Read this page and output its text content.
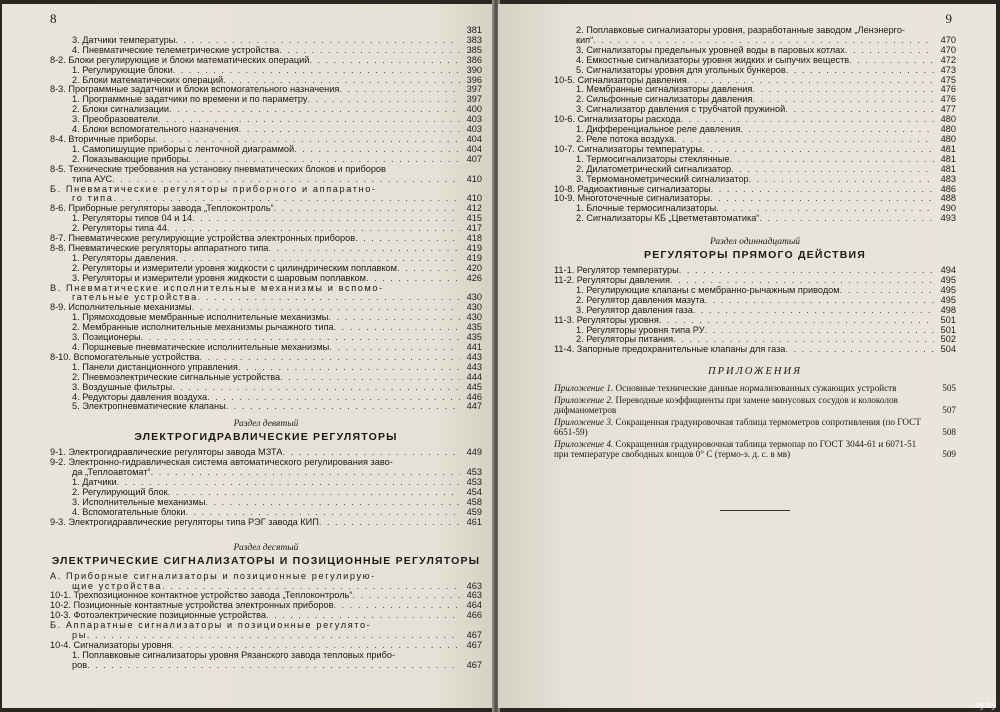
8
381
3. Датчики температуры . . .	383
4. Пневматические телеметрические устройства . . .	385
8-2. Блоки регулирующие и блоки математических операций . . .	386
1. Регулирующие блоки . . .	390
2. Блоки математических операций . . .	396
8-3. Программные задатчики и блоки вспомогательного назначения . . .	397
1. Программные задатчики по времени и по параметру . . .	397
2. Блоки сигнализации . . .	400
3. Преобразователи . . .	403
4. Блоки вспомогательного назначения . . .	403
8-4. Вторичные приборы . . .	404
1. Самопишущие приборы с ленточной диаграммой . . .	404
2. Показывающие приборы . . .	407
8-5. Технические требования на установку пневматических блоков и приборов
типа АУС . . .	410
Б. Пневматические регуляторы приборного и аппаратно-
го типа . . .	410
8-6. Приборные регуляторы завода „Теплоконтроль“ . . .	412
1. Регуляторы типов 04 и 14 . . .	415
2. Регуляторы типа 44 . . .	417
8-7. Пневматические регулирующие устройства электронных приборов . . .	418
8-8. Пневматические регуляторы аппаратного типа . . .	419
1. Регуляторы давления . . .	419
2. Регуляторы и измерители уровня жидкости с цилиндрическим поплавком . . .	420
3. Регуляторы и измерители уровня жидкости с шаровым поплавком . . .	426
В. Пневматические исполнительные механизмы и вспомо-
гательные устройства . . .	430
8-9. Исполнительные механизмы . . .	430
1. Прямоходовые мембранные исполнительные механизмы . . .	430
2. Мембранные исполнительные механизмы рычажного типа . . .	435
3. Позиционеры . . .	435
4. Поршневые пневматические исполнительные механизмы . . .	441
8-10. Вспомогательные устройства . . .	443
1. Панели дистанционного управления . . .	443
2. Пневмоэлектрические сигнальные устройства . . .	444
3. Воздушные фильтры . . .	445
4. Редукторы давления воздуха . . .	446
5. Электропневматические клапаны . . .	447
Раздел девятый
ЭЛЕКТРОГИДРАВЛИЧЕСКИЕ РЕГУЛЯТОРЫ
9-1. Электрогидравлические регуляторы завода МЗТА . . .	449
9-2. Электронно-гидравлическая система автоматического регулирования заво-
да „Теплоавтомат“ . . .	453
1. Датчики . . .	453
2. Регулирующий блок . . .	454
3. Исполнительные механизмы . . .	458
4. Вспомогательные блоки . . .	459
9-3. Электрогидравлические регуляторы типа РЭГ завода КИП . . .	461
Раздел десятый
ЭЛЕКТРИЧЕСКИЕ СИГНАЛИЗАТОРЫ И ПОЗИЦИОННЫЕ РЕГУЛЯТОРЫ
А. Приборные сигнализаторы и позиционные регулирую-
щие устройства . . .	463
10-1. Трехпозиционное контактное устройство завода „Теплоконтроль“ . . .	463
10-2. Позиционные контактные устройства электронных приборов . . .	464
10-3. Фотоэлектрические позиционные устройства . . .	466
Б. Аппаратные сигнализаторы и позиционные регулято-
ры . . .	467
10-4. Сигнализаторы уровня . . .	467
1. Поплавковые сигнализаторы уровня Рязанского завода тепловых прибо-
ров . . .	467
9
2. Поплавковые сигнализаторы уровня, разработанные заводом „Ленэнерго-
кип“ . . .	470
3. Сигнализаторы предельных уровней воды в паровых котлах . . .	470
4. Емкостные сигнализаторы уровня жидких и сыпучих веществ . . .	472
5. Сигнализаторы уровня для угольных бункеров . . .	473
10-5. Сигнализаторы давления . . .	475
1. Мембранные сигнализаторы давления . . .	476
2. Сильфонные сигнализаторы давления . . .	476
3. Сигнализатор давления с трубчатой пружиной . . .	477
10-6. Сигнализаторы расхода . . .	480
1. Дифференциальное реле давления . . .	480
2. Реле потока воздуха . . .	480
10-7. Сигнализаторы температуры . . .	481
1. Термосигнализаторы стеклянные . . .	481
2. Дилатометрический сигнализатор . . .	481
3. Термоманометрический сигнализатор . . .	483
10-8. Радиоактивные сигнализаторы . . .	486
10-9. Многоточечные сигнализаторы . . .	488
1. Блочные термосигнализаторы . . .	490
2. Сигнализаторы КБ „Цветметавтоматика“ . . .	493
Раздел одиннадцатый
РЕГУЛЯТОРЫ ПРЯМОГО ДЕЙСТВИЯ
11-1. Регулятор температуры . . .	494
11-2. Регуляторы давления . . .	495
1. Регулирующие клапаны с мембранно-рычажным приводом . . .	495
2. Регулятор давления мазута . . .	495
3. Регулятор давления газа . . .	498
11-3. Регуляторы уровня . . .	501
1. Регуляторы уровня типа РУ . . .	501
2. Регуляторы питания . . .	502
11-4. Запорные предохранительные клапаны для газа . . .	504
ПРИЛОЖЕНИЯ
Приложение 1. Основные технические данные нормализованных сужающих устройств	505
Приложение 2. Переводные коэффициенты при замене минусовых сосудов и колоколов дифманометров	507
Приложение 3. Сокращенная градуировочная таблица термометров сопротивления (по ГОСТ 6651-59)	508
Приложение 4. Сокращенная градуировочная таблица термопар по ГОСТ 3044-61 и 6071-51 при температуре свободных концов 0° С (термо-э. д. с. в мв)	509
ay.by
